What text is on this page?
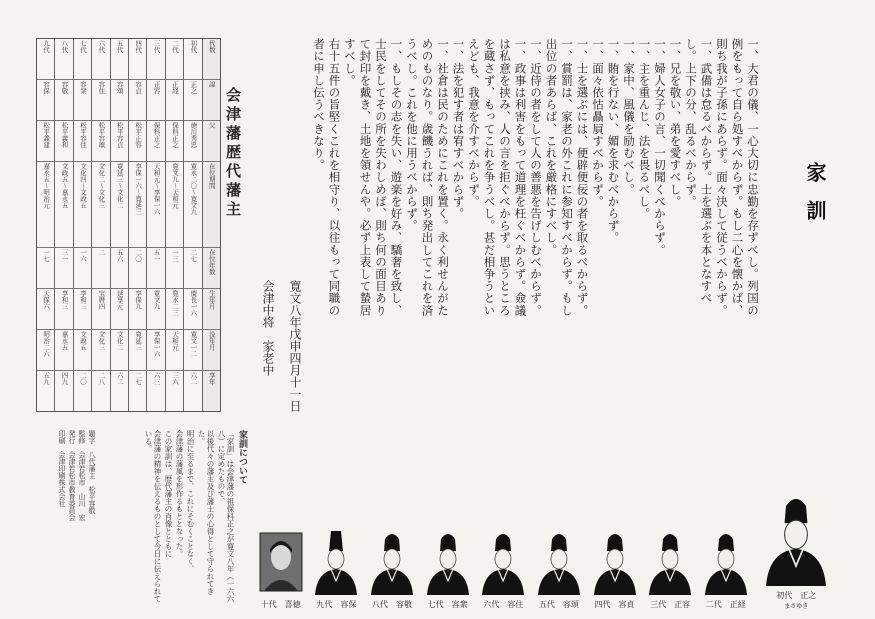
代数
諱
父
在位期間
在位年数
生年月
没年月
享年
初代
正之
徳川秀忠
寛永二〇〜寛文九
二七
慶長一六
寛文一二
六二
二代
正経
保科正之
寛文九〜天和元
一三
寛永二三
天和元
三六
三代
正容
保科正之
天和元〜享保一六
五一
寛文九
享保一六
六三
四代
容貞
松平正容
享保一六〜寛延三
二〇
享保九
寛延三
二七
五代
容頌
松平容貞
寛延三〜文化二
五六
延享元
文化二
六二
六代
容住
松平容頌
文化二〜文化三
二
宝暦四
文化三
二八
七代
容衆
松平容住
文化四〜文政五
一六
享和三
文政五
二〇
八代
容敬
松平義和
文政五〜嘉永五
三一
享和三
嘉永五
四九
九代
容保
松平義建
嘉永五〜明治元
一七
天保六
明治二六
五九
会津藩歴代藩主	家訓
一、大君の儀、一心大切に忠勤を存ずべし。列国の例をもって自ら処すべからず。もし二心を懐かば、則ち我が子孫にあらず。面々決して従うべからず。
一、武備は怠るべからず。士を選ぶを本となすべし。上下の分、乱るべからず。
一、兄を敬い、弟を愛すべし。
一、婦人女子の言、一切聞くべからず。
一、主を重んじ、法を畏るべし。
一、家中、風儀を励むべし。
一、賄を行ない、媚を求むべからず。
一、面々依怙贔屓すべからず。
一、士を選ぶには、便辟便佞の者を取るべからず。
一、賞罰は、家老の外これに参知すべからず。もし出位の者あらば、これを厳格にすべし。
一、近侍の者をして人の善悪を告げしむべからず。
一、政事は利害をもって道理を枉ぐべからず。僉議は私意を挟み、人の言を拒ぐべからず。思うところを蔵さず、もってこれを争うべし。甚だ相争うといえども、我意を介すべからず。
一、法を犯す者は宥すべからず。
一、社倉は民のためにこれを置く。永く利せんがためのものなり。歳饑うれば、則ち発出してこれを済うべし。これを他に用うべからず。
一、もしその志を失い、遊楽を好み、驕奢を致し、士民をしてその所を失わしめば、則ち何の面目ありて封印を戴き、土地を領せんや。必ず上表して蟄居すべし。
右十五件の旨堅くこれを相守り、以往もって同職の者に申し伝うべきなり。
寛文八年戊申四月十一日
会津中将　家老中
家訓について
「家訓」は会津藩の祖保科正之が寛文八年（一六六八）に定めたもので、
以後代々の藩主及び藩士の心得として守られてきた。
明治に至るまで、これにそむくことなく、
会津藩の藩風を形作るもととなった。
この家訓は、歴代藩主の肖像とともに
会津藩の精神を伝えるものとして今日に伝えられている。
題字　八代藩主　松平容敬
監修　会津若松市　山川　宏
発行　会津若松市教育委員会
印刷　会津印刷株式会社
初代　正之
まさゆき
二代　正経
三代　正容
四代　容貞
五代　容頌
六代　容住
七代　容衆
八代　容敬
九代　容保
十代　喜徳
